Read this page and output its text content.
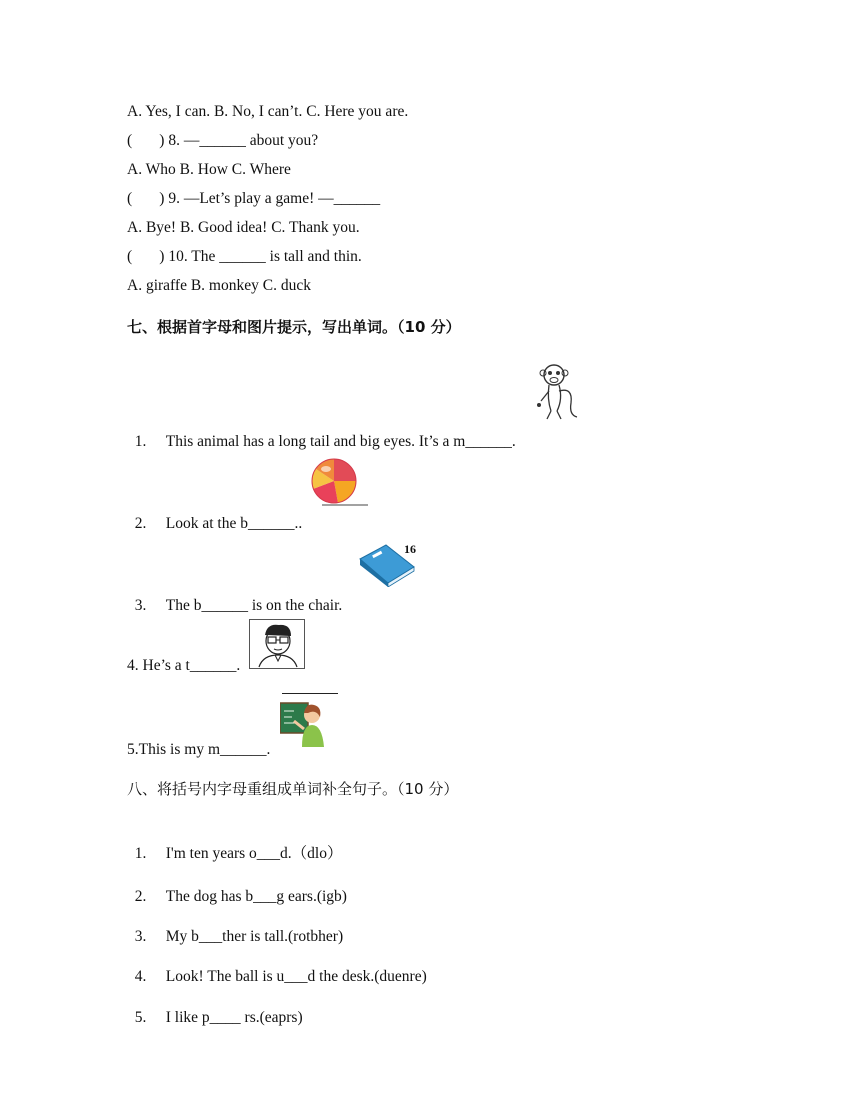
A. Yes, I can. B. No, I can’t. C. Here you are.
(       ) 8. —______ about you?
A. Who B. How C. Where
(       ) 9. —Let’s play a game! —______
A. Bye! B. Good idea! C. Thank you.
(       ) 10. The ______ is tall and thin.
A. giraffe B. monkey C. duck
七、根据首字母和图片提示，写出单词。（10 分）

1. This animal has a long tail and big eyes. It’s a m______.

2. Look at the b______..

3. The b______ is on the chair.

4. He’s a t______.
5.This is my m______.
16
八、将括号内字母重组成单词补全句子。（10 分）

1. I'm ten years o___d.（dlo）

2. The dog has b___g ears.(igb)

3. My b___ther is tall.(rotbher)

4. Look! The ball is u___d the desk.(duenre)

5. I like p____ rs.(eaprs)
